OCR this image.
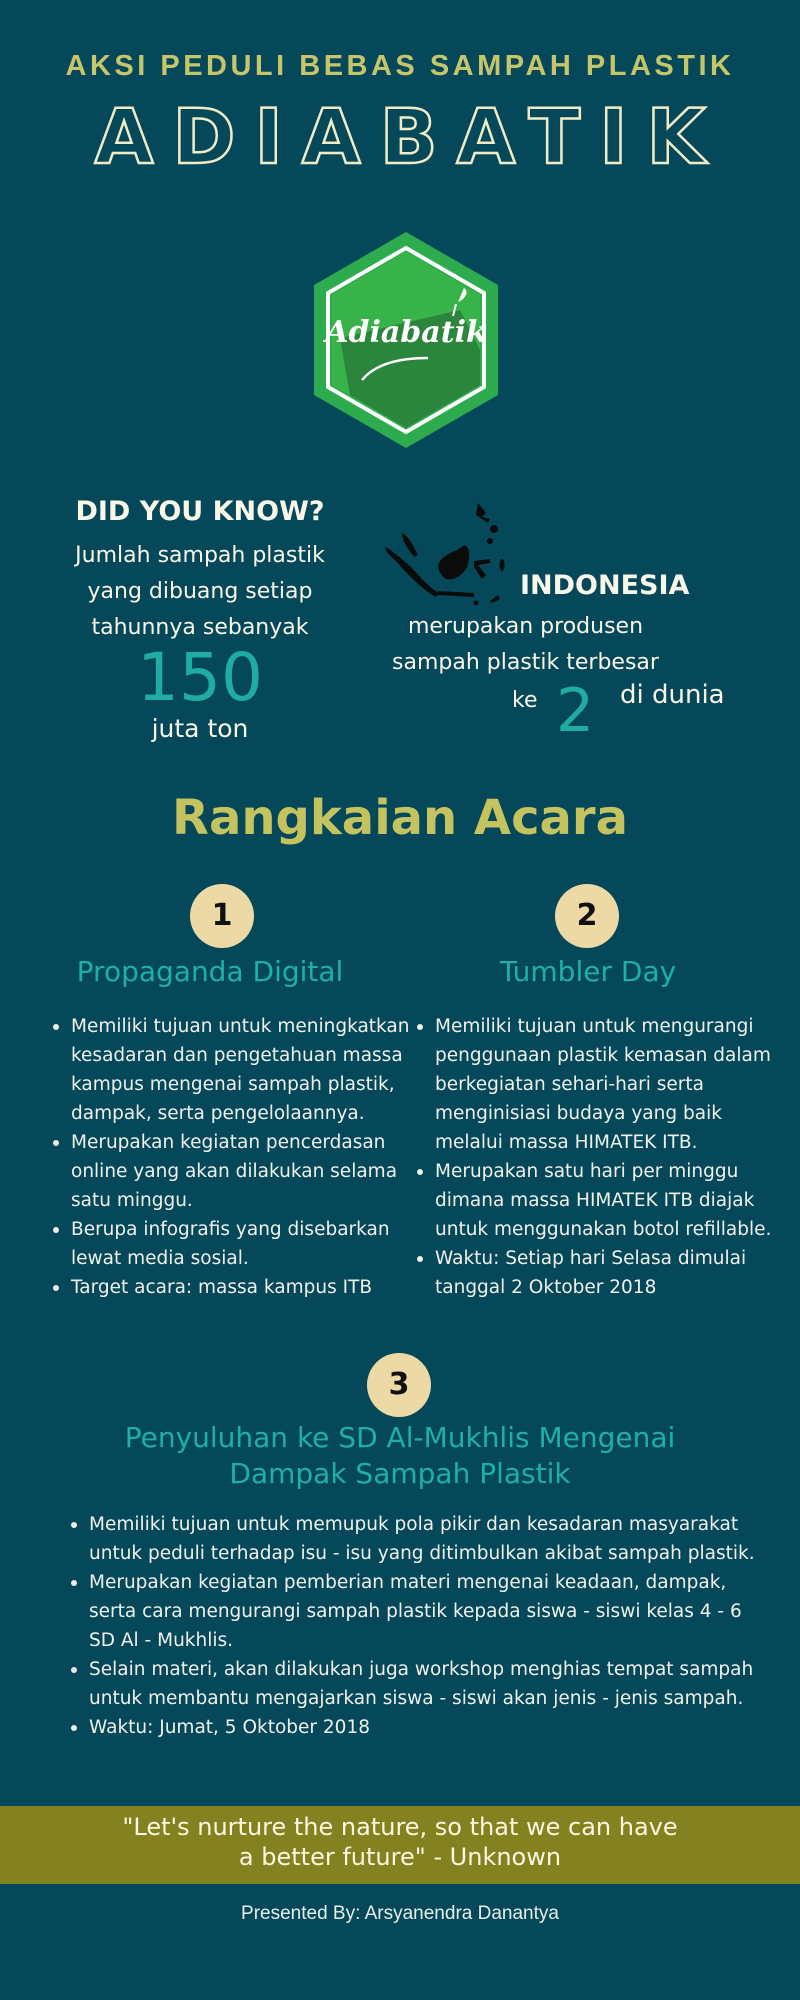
AKSI PEDULI BEBAS SAMPAH PLASTIK
ADIABATIK
Adiabatik
DID YOU KNOW?
Jumlah sampah plastik
yang dibuang setiap
tahunnya sebanyak
150
juta ton
INDONESIA
merupakan produsen
sampah plastik terbesar
ke 2 di dunia
Rangkaian Acara
1	2
Propaganda Digital	Tumbler Day
Memiliki tujuan untuk meningkatkan kesadaran dan pengetahuan massa kampus mengenai sampah plastik, dampak, serta pengelolaannya.
Merupakan kegiatan pencerdasan online yang akan dilakukan selama satu minggu.
Berupa infografis yang disebarkan lewat media sosial.
Target acara: massa kampus ITB
Memiliki tujuan untuk mengurangi penggunaan plastik kemasan dalam berkegiatan sehari-hari serta menginisiasi budaya yang baik melalui massa HIMATEK ITB.
Merupakan satu hari per minggu dimana massa HIMATEK ITB diajak untuk menggunakan botol refillable.
Waktu: Setiap hari Selasa dimulai tanggal 2 Oktober 2018
3
Penyuluhan ke SD Al-Mukhlis Mengenai
Dampak Sampah Plastik
Memiliki tujuan untuk memupuk pola pikir dan kesadaran masyarakat untuk peduli terhadap isu - isu yang ditimbulkan akibat sampah plastik.
Merupakan kegiatan pemberian materi mengenai keadaan, dampak, serta cara mengurangi sampah plastik kepada siswa - siswi kelas 4 - 6 SD Al - Mukhlis.
Selain materi, akan dilakukan juga workshop menghias tempat sampah untuk membantu mengajarkan siswa - siswi akan jenis - jenis sampah.
Waktu: Jumat, 5 Oktober 2018
"Let's nurture the nature, so that we can have
a better future" - Unknown
Presented By: Arsyanendra Danantya
